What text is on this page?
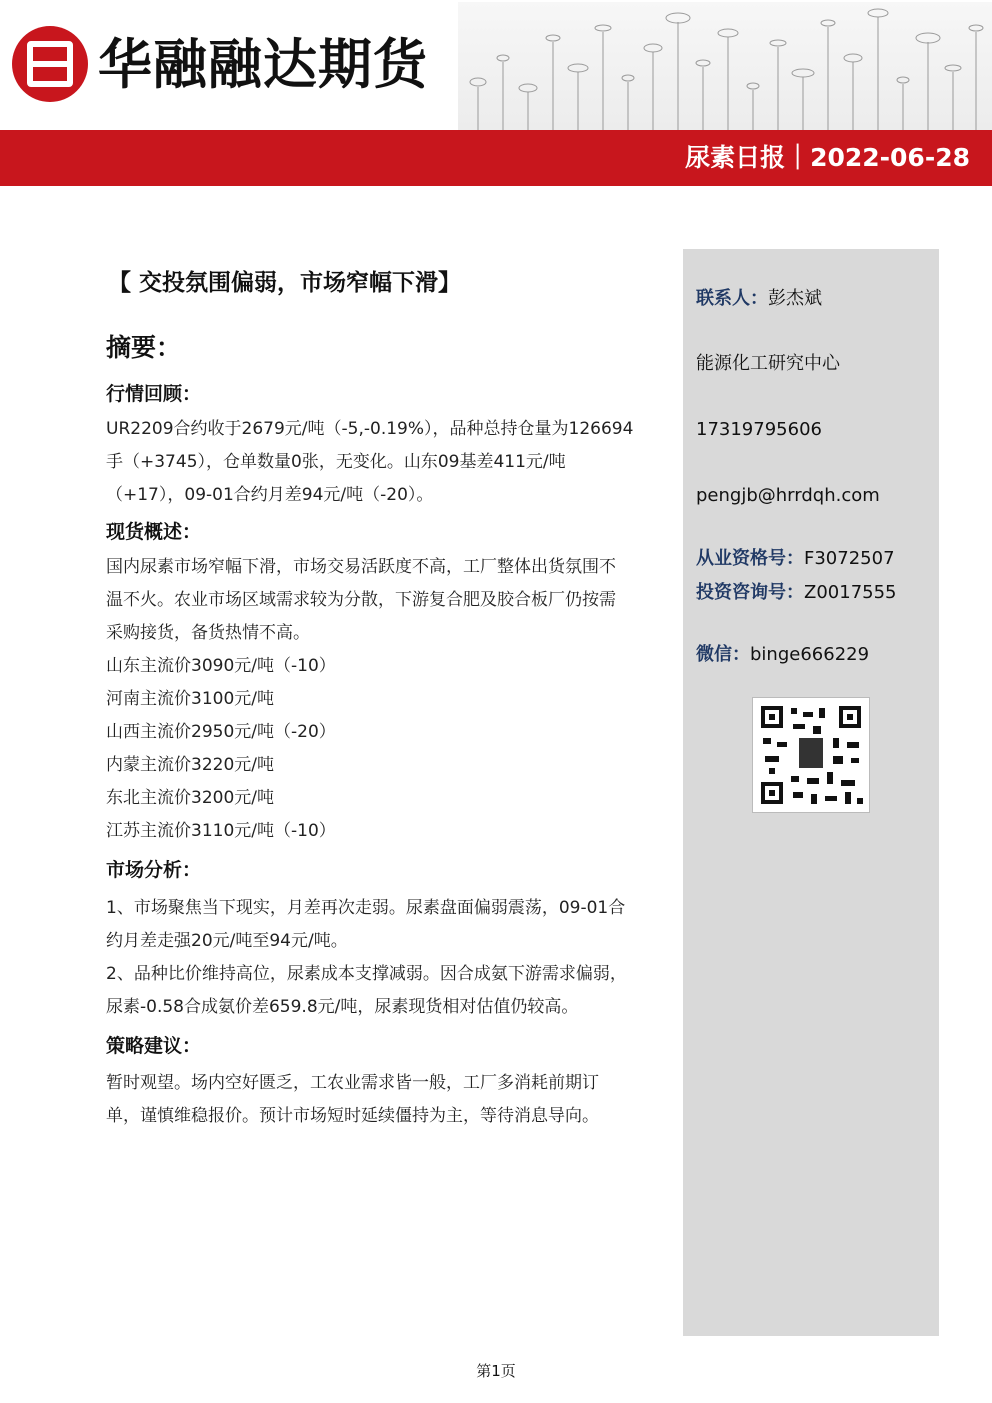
华融融达期货
尿素日报｜2022-06-28
【 交投氛围偏弱，市场窄幅下滑】
摘要：
行情回顾：
UR2209合约收于2679元/吨（-5,-0.19%），品种总持仓量为126694
手（+3745），仓单数量0张，无变化。山东09基差411元/吨
（+17），09-01合约月差94元/吨（-20）。
现货概述：
国内尿素市场窄幅下滑，市场交易活跃度不高，工厂整体出货氛围不
温不火。农业市场区域需求较为分散，下游复合肥及胶合板厂仍按需
采购接货，备货热情不高。
山东主流价3090元/吨（-10）
河南主流价3100元/吨
山西主流价2950元/吨（-20）
内蒙主流价3220元/吨
东北主流价3200元/吨
江苏主流价3110元/吨（-10）
市场分析：
1、市场聚焦当下现实，月差再次走弱。尿素盘面偏弱震荡，09-01合
约月差走强20元/吨至94元/吨。
2、品种比价维持高位，尿素成本支撑减弱。因合成氨下游需求偏弱，
尿素-0.58合成氨价差659.8元/吨，尿素现货相对估值仍较高。
策略建议：
暂时观望。场内空好匮乏，工农业需求皆一般，工厂多消耗前期订
单，谨慎维稳报价。预计市场短时延续僵持为主，等待消息导向。
联系人：彭杰斌
能源化工研究中心
17319795606
pengjb@hrrdqh.com
从业资格号：F3072507
投资咨询号：Z0017555
微信：binge666229
第1页
